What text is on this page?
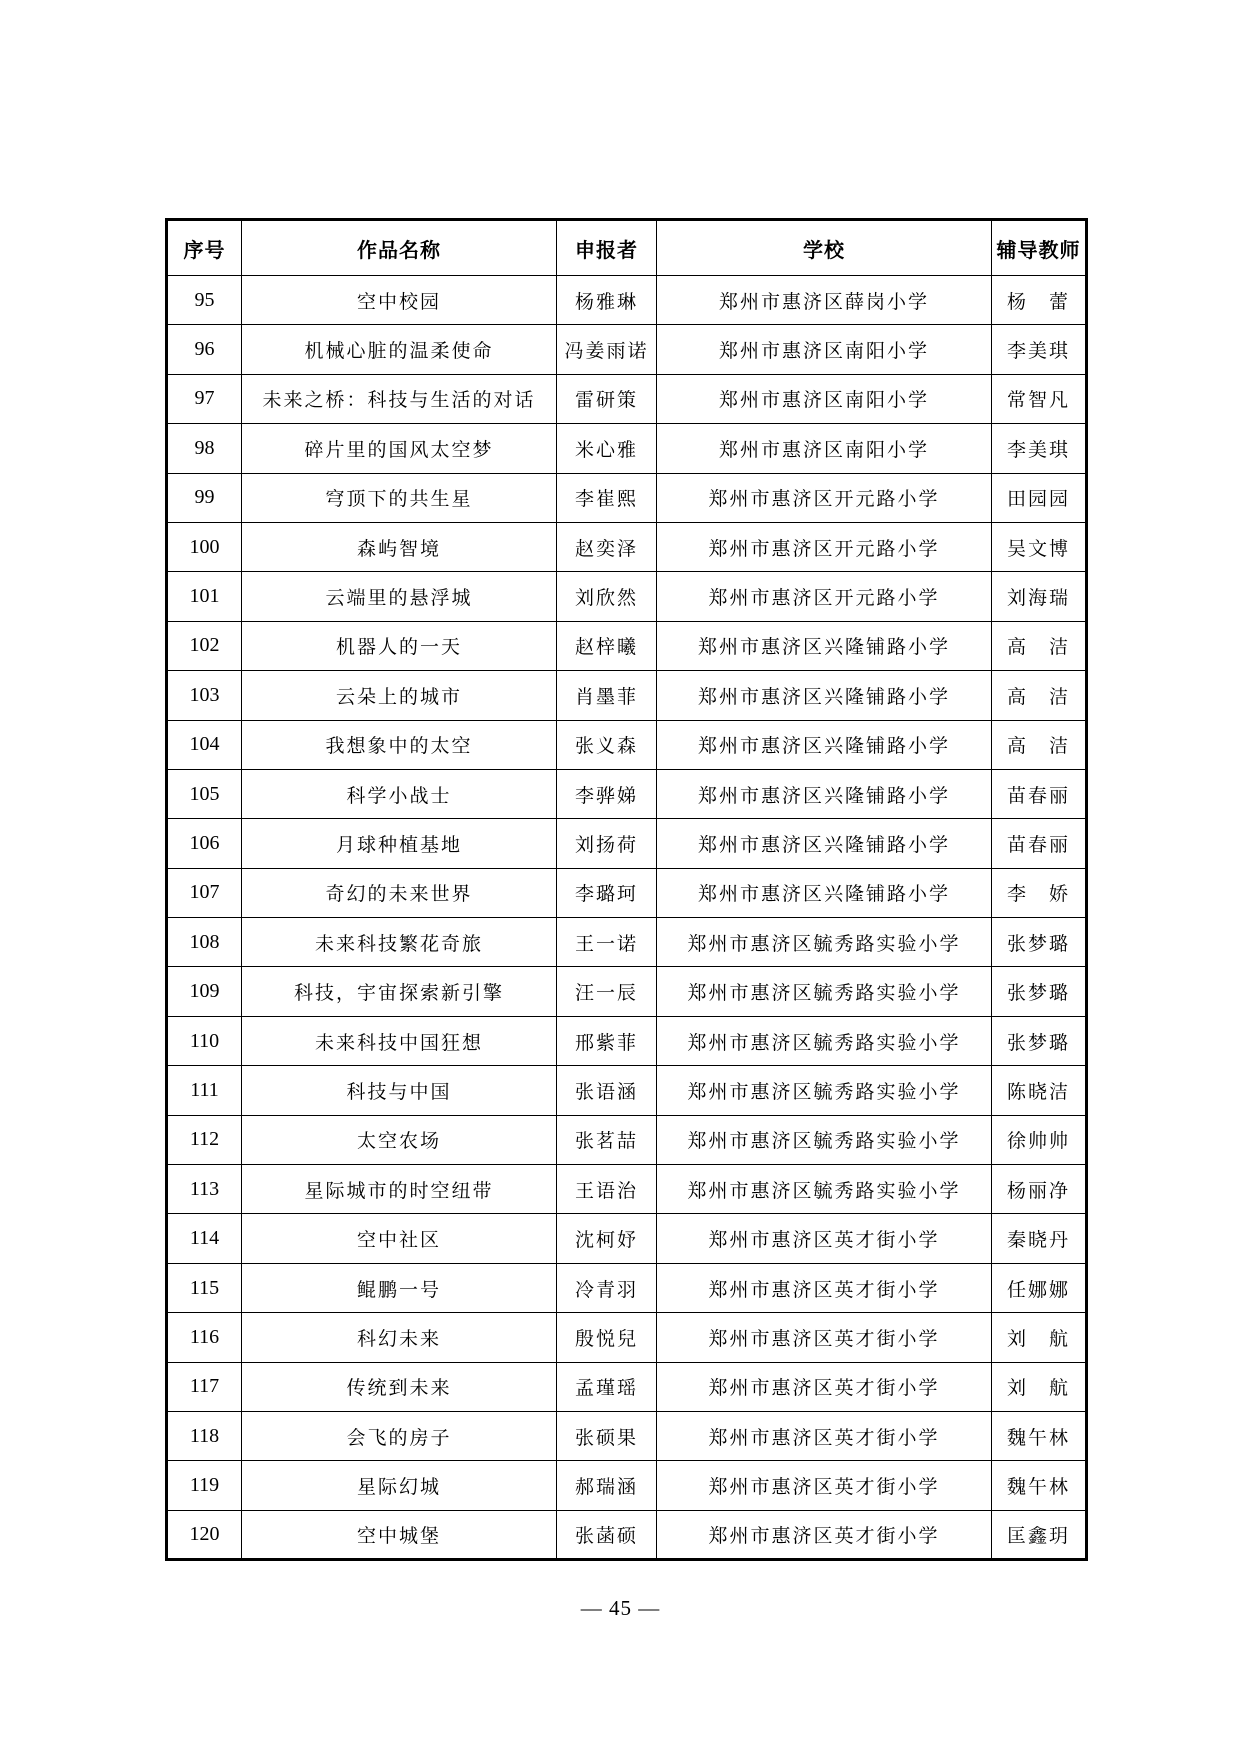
序号	作品名称	申报者	学校	辅导教师
95	空中校园	杨雅琳	郑州市惠济区薛岗小学	杨　蕾
96	机械心脏的温柔使命	冯姜雨诺	郑州市惠济区南阳小学	李美琪
97	未来之桥：科技与生活的对话	雷研策	郑州市惠济区南阳小学	常智凡
98	碎片里的国风太空梦	米心雅	郑州市惠济区南阳小学	李美琪
99	穹顶下的共生星	李崔熙	郑州市惠济区开元路小学	田园园
100	森屿智境	赵奕泽	郑州市惠济区开元路小学	吴文博
101	云端里的悬浮城	刘欣然	郑州市惠济区开元路小学	刘海瑞
102	机器人的一天	赵梓曦	郑州市惠济区兴隆铺路小学	高　洁
103	云朵上的城市	肖墨菲	郑州市惠济区兴隆铺路小学	高　洁
104	我想象中的太空	张义森	郑州市惠济区兴隆铺路小学	高　洁
105	科学小战士	李骅娣	郑州市惠济区兴隆铺路小学	苗春丽
106	月球种植基地	刘扬荷	郑州市惠济区兴隆铺路小学	苗春丽
107	奇幻的未来世界	李璐珂	郑州市惠济区兴隆铺路小学	李　娇
108	未来科技繁花奇旅	王一诺	郑州市惠济区毓秀路实验小学	张梦璐
109	科技，宇宙探索新引擎	汪一辰	郑州市惠济区毓秀路实验小学	张梦璐
110	未来科技中国狂想	邢紫菲	郑州市惠济区毓秀路实验小学	张梦璐
111	科技与中国	张语涵	郑州市惠济区毓秀路实验小学	陈晓洁
112	太空农场	张茗喆	郑州市惠济区毓秀路实验小学	徐帅帅
113	星际城市的时空纽带	王语治	郑州市惠济区毓秀路实验小学	杨丽净
114	空中社区	沈柯妤	郑州市惠济区英才街小学	秦晓丹
115	鲲鹏一号	冷青羽	郑州市惠济区英才街小学	任娜娜
116	科幻未来	殷悦兒	郑州市惠济区英才街小学	刘　航
117	传统到未来	孟瑾瑶	郑州市惠济区英才街小学	刘　航
118	会飞的房子	张硕果	郑州市惠济区英才街小学	魏午林
119	星际幻城	郝瑞涵	郑州市惠济区英才街小学	魏午林
120	空中城堡	张菡硕	郑州市惠济区英才街小学	匡鑫玥
— 45 —
